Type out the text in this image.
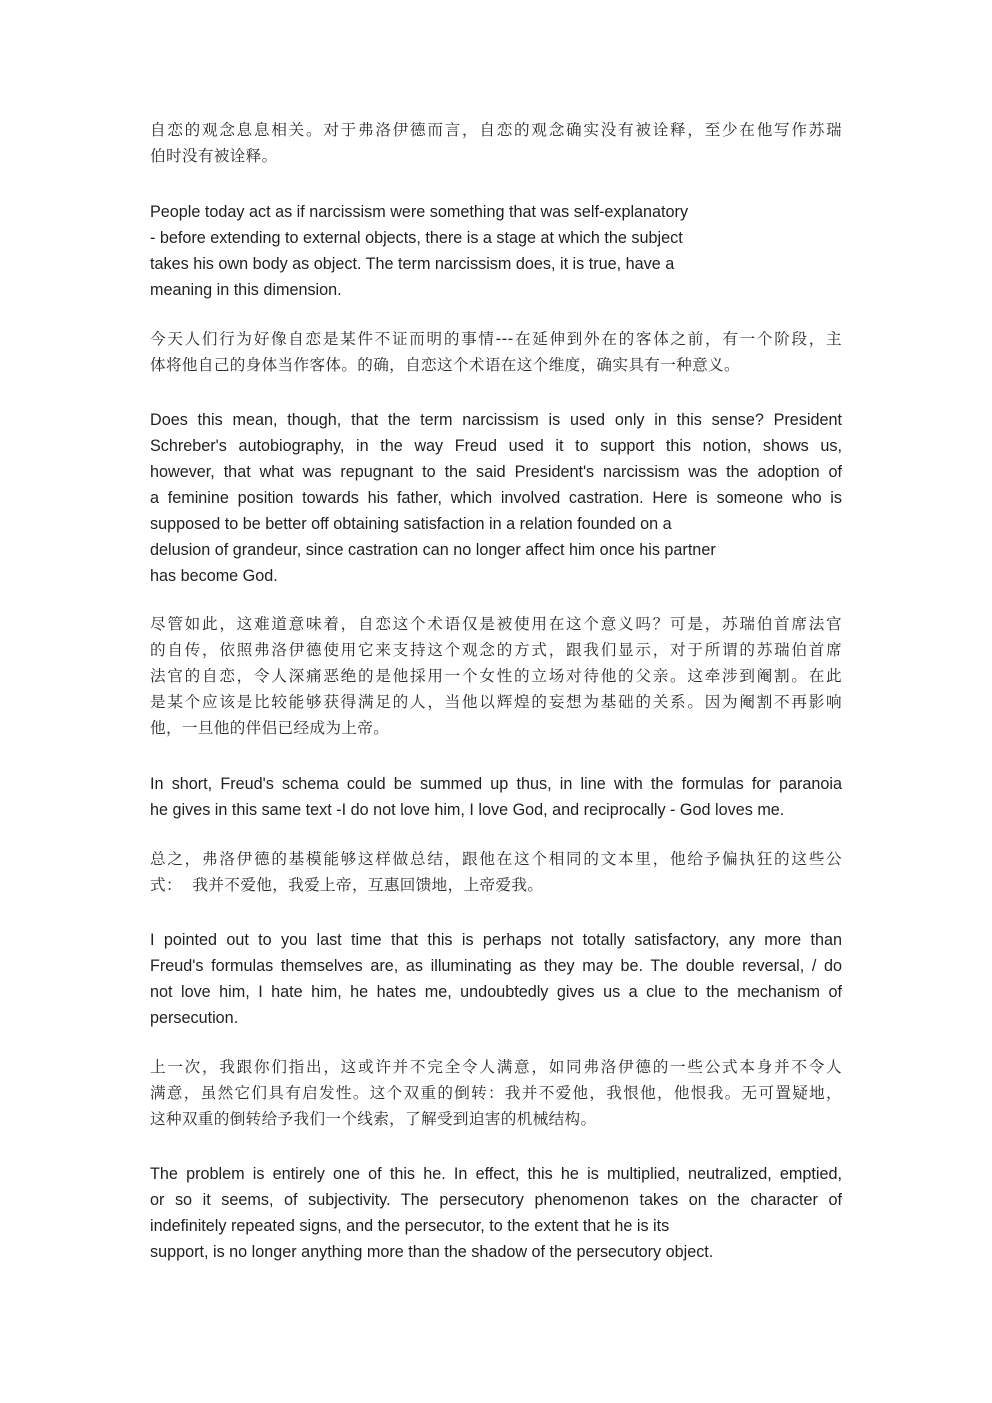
自恋的观念息息相关。对于弗洛伊德而言，自恋的观念确实没有被诠释，至少在他写作苏瑞
伯时没有被诠释。
People today act as if narcissism were something that was self-explanatory
- before extending to external objects, there is a stage at which the subject
takes his own body as object. The term narcissism does, it is true, have a
meaning in this dimension.
今天人们行为好像自恋是某件不证而明的事情---在延伸到外在的客体之前，有一个阶段，主
体将他自己的身体当作客体。的确，自恋这个术语在这个维度，确实具有一种意义。
Does this mean, though, that the term narcissism is used only in this sense? President
Schreber's autobiography, in the way Freud used it to support this notion, shows us,
however, that what was repugnant to the said President's narcissism was the adoption of
a feminine position towards his father, which involved castration. Here is someone who is
supposed to be better off obtaining satisfaction in a relation founded on a
delusion of grandeur, since castration can no longer affect him once his partner
has become God.
尽管如此，这难道意味着，自恋这个术语仅是被使用在这个意义吗？可是，苏瑞伯首席法官
的自传，依照弗洛伊德使用它来支持这个观念的方式，跟我们显示，对于所谓的苏瑞伯首席
法官的自恋，令人深痛恶绝的是他採用一个女性的立场对待他的父亲。这牵涉到阉割。在此
是某个应该是比较能够获得满足的人，当他以辉煌的妄想为基础的关系。因为阉割不再影响
他，一旦他的伴侣已经成为上帝。
In short, Freud's schema could be summed up thus, in line with the formulas for paranoia
he gives in this same text -I do not love him, I love God, and reciprocally - God loves me.
总之，弗洛伊德的基模能够这样做总结，跟他在这个相同的文本里，他给予偏执狂的这些公
式：  我并不爱他，我爱上帝，互惠回馈地，上帝爱我。
I pointed out to you last time that this is perhaps not totally satisfactory, any more than
Freud's formulas themselves are, as illuminating as they may be. The double reversal, / do
not love him, I hate him, he hates me, undoubtedly gives us a clue to the mechanism of
persecution.
上一次，我跟你们指出，这或许并不完全令人满意，如同弗洛伊德的一些公式本身并不令人
满意，虽然它们具有启发性。这个双重的倒转：我并不爱他，我恨他，他恨我。无可置疑地，
这种双重的倒转给予我们一个线索，了解受到迫害的机械结构。
The problem is entirely one of this he. In effect, this he is multiplied, neutralized, emptied,
or so it seems, of subjectivity. The persecutory phenomenon takes on the character of
indefinitely repeated signs, and the persecutor, to the extent that he is its
support, is no longer anything more than the shadow of the persecutory object.
